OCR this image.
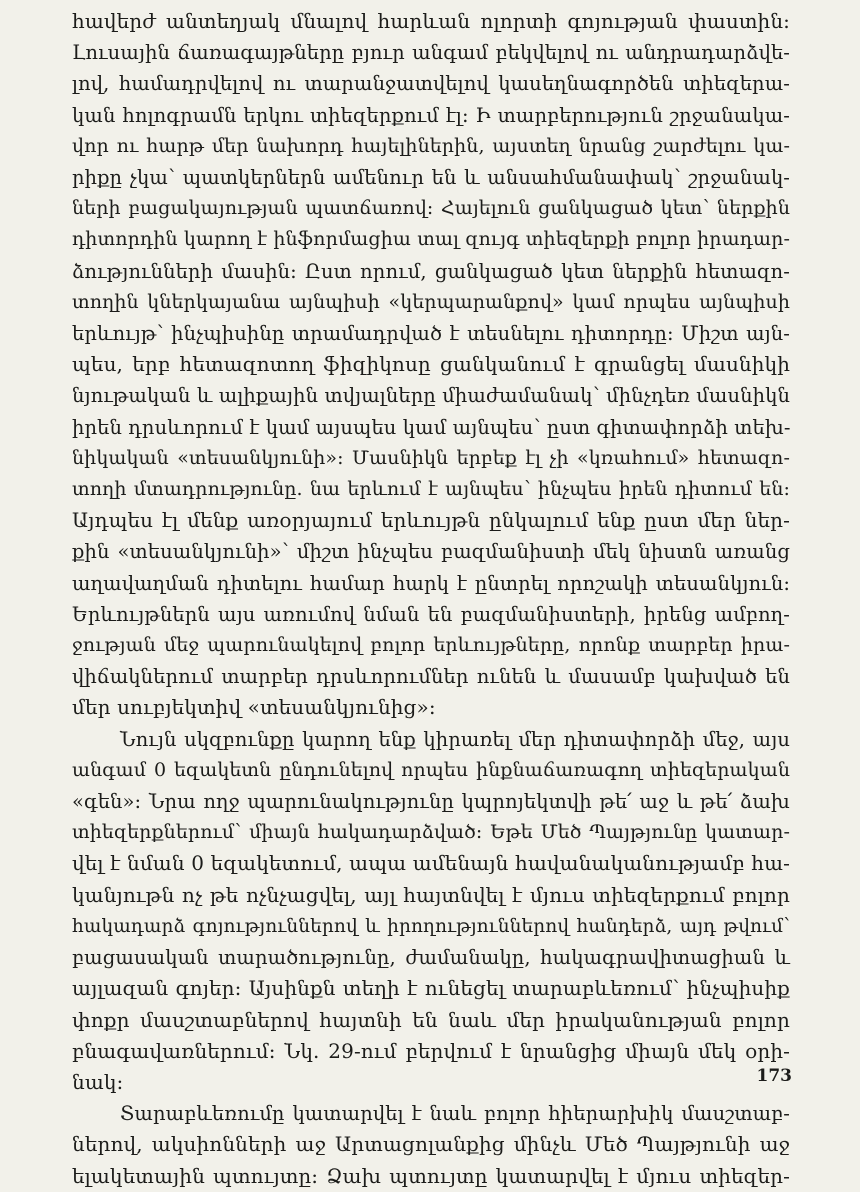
հավերժ անտեղյակ մնալով հարևան ոլորտի գոյության փաստին:
Լուսային ճառագայթները բյուր անգամ բեկվելով ու անդրադարձվե-
լով, համադրվելով ու տարանջատվելով կասեղնագործեն տիեզերա-
կան հոլոգրամն երկու տիեզերքում էլ: Ի տարբերություն շրջանակա-
վոր ու հարթ մեր նախորդ հայելիներին, այստեղ նրանց շարժելու կա-
րիքը չկա՝ պատկերներն ամենուր են և անսահմանափակ՝ շրջանակ-
ների բացակայության պատճառով: Հայելուն ցանկացած կետ՝ ներքին
դիտորդին կարող է ինֆորմացիա տալ զույգ տիեզերքի բոլոր իրադար-
ձությունների մասին: Ըստ որում, ցանկացած կետ ներքին հետազո-
տողին կներկայանա այնպիսի «կերպարանքով» կամ որպես այնպիսի
երևույթ՝ ինչպիսինը տրամադրված է տեսնելու դիտորդը: Միշտ այն-
պես, երբ հետազոտող ֆիզիկոսը ցանկանում է գրանցել մասնիկի
նյութական և ալիքային տվյալները միաժամանակ՝ մինչդեռ մասնիկն
իրեն դրսևորում է կամ այսպես կամ այնպես՝ ըստ գիտափորձի տեխ-
նիկական «տեսանկյունի»: Մասնիկն երբեք էլ չի «կռահում» հետազո-
տողի մտադրությունը. նա երևում է այնպես՝ ինչպես իրեն դիտում են:
Այդպես էլ մենք առօրյայում երևույթն ընկալում ենք ըստ մեր ներ-
քին «տեսանկյունի»՝ միշտ ինչպես բազմանիստի մեկ նիստն առանց
աղավաղման դիտելու համար հարկ է ընտրել որոշակի տեսանկյուն:
Երևույթներն այս առումով նման են բազմանիստերի, իրենց ամբող-
ջության մեջ պարունակելով բոլոր երևույթները, որոնք տարբեր իրա-
վիճակներում տարբեր դրսևորումներ ունեն և մասամբ կախված են
մեր սուբյեկտիվ «տեսանկյունից»:

Նույն սկզբունքը կարող ենք կիրառել մեր դիտափորձի մեջ, այս
անգամ 0 եզակետն ընդունելով որպես ինքնաճառագող տիեզերական
«գեն»: Նրա ողջ պարունակությունը կպրոյեկտվի թե՛ աջ և թե՛ ձախ
տիեզերքներում՝ միայն հակադարձված: Եթե Մեծ Պայթյունը կատար-
վել է նման 0 եզակետում, ապա ամենայն հավանականությամբ հա-
կանյութն ոչ թե ոչնչացվել, այլ հայտնվել է մյուս տիեզերքում բոլոր
հակադարձ գոյություններով և իրողություններով հանդերձ, այդ թվում՝
բացասական տարածությունը, ժամանակը, հակագրավիտացիան և
այլազան գոյեր: Այսինքն տեղի է ունեցել տարաբևեռում՝ ինչպիսիք
փոքր մասշտաբներով հայտնի են նաև մեր իրականության բոլոր
բնագավառներում: Նկ. 29-ում բերվում է նրանցից միայն մեկ օրի-
նակ:

Տարաբևեռումը կատարվել է նաև բոլոր հիերարխիկ մասշտաբ-
ներով, ակսիոնների աջ Արտացոլանքից մինչև Մեծ Պայթյունի աջ
ելակետային պտույտը: Ձախ պտույտը կատարվել է մյուս տիեզեր-

173
